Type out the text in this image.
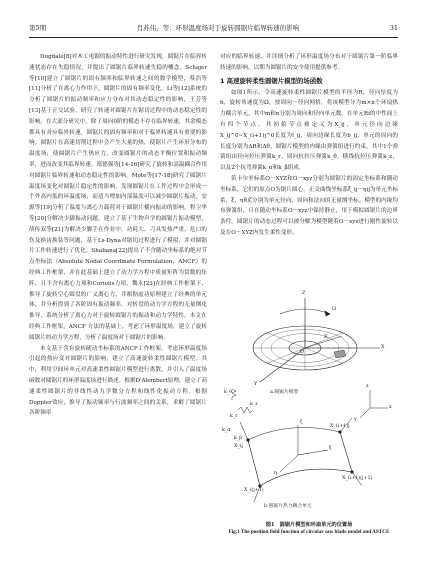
第5期	肖苏伟，等：环形温度场对于旋转圆锯片临界转速的影响	31

Dugdale[8]对木工电锯的振动特性进行研究发现，圆锯片在临界转速状态存在失稳情况，并提出了圆锯片临界转速失稳的概念。Schajer等[10]建立了圆锯片的固有频率和临界转速之间的数学模型，蔡浩等[11]分析了在离心力作用下，圆锯片的固有频率变化。Li等[12]系统的分析了圆锯片的振动频率和应力分布对其动态稳定性的影响，王芳等[13]基于正交试验，研究了转速对圆锯片在锯切过程中的动态稳定性的影响。在大部分研究中，除了周向0阶的模态不存在临界转速，其余模态都具有对应临界转速，圆锯片的固有频率和对于临界转速具有重要的影响。圆锯片在高速切削过程中会产生大量的热，使锯片产生环形分布的温度场，使圆锯片产生热应力，改变圆锯片的动态平衡位置和振动频率，进而改变其临界转速。郑德强等[14-16]研究了旋转和高温耦合作用对圆锯片临界转速和动态稳定性的影响，Mote等[17-18]研究了圆锯片温度场变化对圆锯片稳定性的影响，发现圆锯片在工作过程中会形成一个外高内低的环温度场，而适当增加内部温度可以减少圆锯片振动。安源等[19]分析了温度与离心力载荷对于圆锯片横向振动的影响，程卫华等[20]分解决少脚振动问题，建立了基于生物声学的圆锯片振动模型，胡传双等[21]为解决少脚手在作业中，功耗大、刀具发热严重、危口的伤及换齿换装等问题，基于Ls-Dyna对锯切过程进行了模拟，并对圆锯片工作转速进行了优化。Shabana[22]提出了不含随动坐标系的绝对节点坐标法（Absolute Nodal Coordinate Formulation，ANCF）的经典工作框架，并在此基础上建立了动力学方程中质量矩阵为常数的矩阵，且不含有离心力项和Coriolis力项，魏永[23]在经典工作框架下，推导了旋转空心圆盘的广义离心力，并根据虚功原理建立了经典的单元体，并分析得到了各阶固有振动频率，对转盘的动力学方程的无量纲化推导，系统分析了离心力对于旋转圆锯片的振动和动力学特性。本文在经典工作框架，ANCF 方法的基础上，考虑了环形温度场，建立了旋转圆锯片的动力学方程，分析了温度场对于圆锯片的影响。

本文基于含有旋转随动坐标系的ANCF工作框架，考虑环形温度场引起的热应变对圆锯片的影响，建立了高速旋转柔性圆锯片模型。其中，利用空间环单元对高速柔性圆锯片模型进行离散，并引入了温度场函数对圆锯片的环形温度场进行描述。根据D'Alembert原理，建立了高速柔性圆锯片的非线性动力学微分方程和线性化振动方程。根据Doppler效应，推导了振动频率与行波频率之间的关系，求解了圆锯片各阶频率

对应的临界转速，并详细分析了环形温度场分布对于圆锯片第一阶临界转速的影响，以期为圆锯片的安全使用提供参考。

1 高速旋转柔性圆锯片模型的场函数

如图1所示，令高速旋转柔性圆锯片模型的半径为R，径向厚度为h，旋转角速度为Ω。按周向－径向网格，将该模型分为m×n个环扇热力耦合单元，其中m和n分别为周向和径向单元数。在单元Ri的中性面上有四个节点，其初始节点被定义为X_ij，单元径向边缘X_ij^0~X_(i+1)j^0长度为l_ij，周向边缘长度为b_ij，单元的周向的长度分别为ΔR和Δθ。圆锯片模型的内缘由弹簧组进行约束，其中1个弹簧组由径向拉压弹簧k_r、周向抗拉压弹簧k_θ，横线抗拉压弹簧k_z，以及2个抗弯弹簧k_α和k_β组成。

笛卡尔坐标系O－XYZ和O－xyz分别为圆锯片的固定坐标系和随动坐标系，它们的原点O为锯片圆心。正交曲线坐标系ξ_ij－ηij为单元坐标系，ξ、η和ζ分别为单元径向、周向和法向的无量纲坐标。模型的内缘均布弹簧组，且在随动坐标系O－xyz中保持静止，用于模拟圆锯片的边界条件。圆锯片的动态过程可以被分解为模型随着O－xyz进行刚性旋转以及在O－XYZ内发生柔性变形。

Z
X
Y
O
Ω
R
a.圆锯片模型
z
x
y
k_r
k_θ
k_z
k_α
k_β
X_ij
X_(i+1)j
X_i(j+1)
X_(i+1)(j+1)
ξ
η
ζ
b.圆锯片热力耦合单元
图1　圆锯片模型和环扇单元的位置场
Fig.1 The position field function of circular saw blade model and ASTCE
